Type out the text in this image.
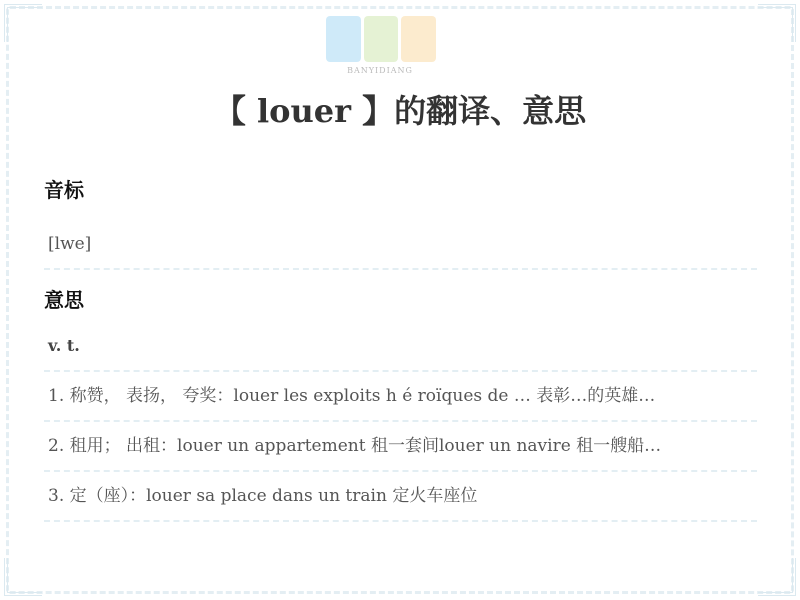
BANYIDIANG
【 louer 】的翻译、意思
音标
[lwe]
意思
v. t.
1. 称赞， 表扬， 夸奖：louer les exploits h é roïques de … 表彰…的英雄…
2. 租用； 出租：louer un appartement 租一套间louer un navire 租一艘船…
3. 定（座）：louer sa place dans un train 定火车座位
